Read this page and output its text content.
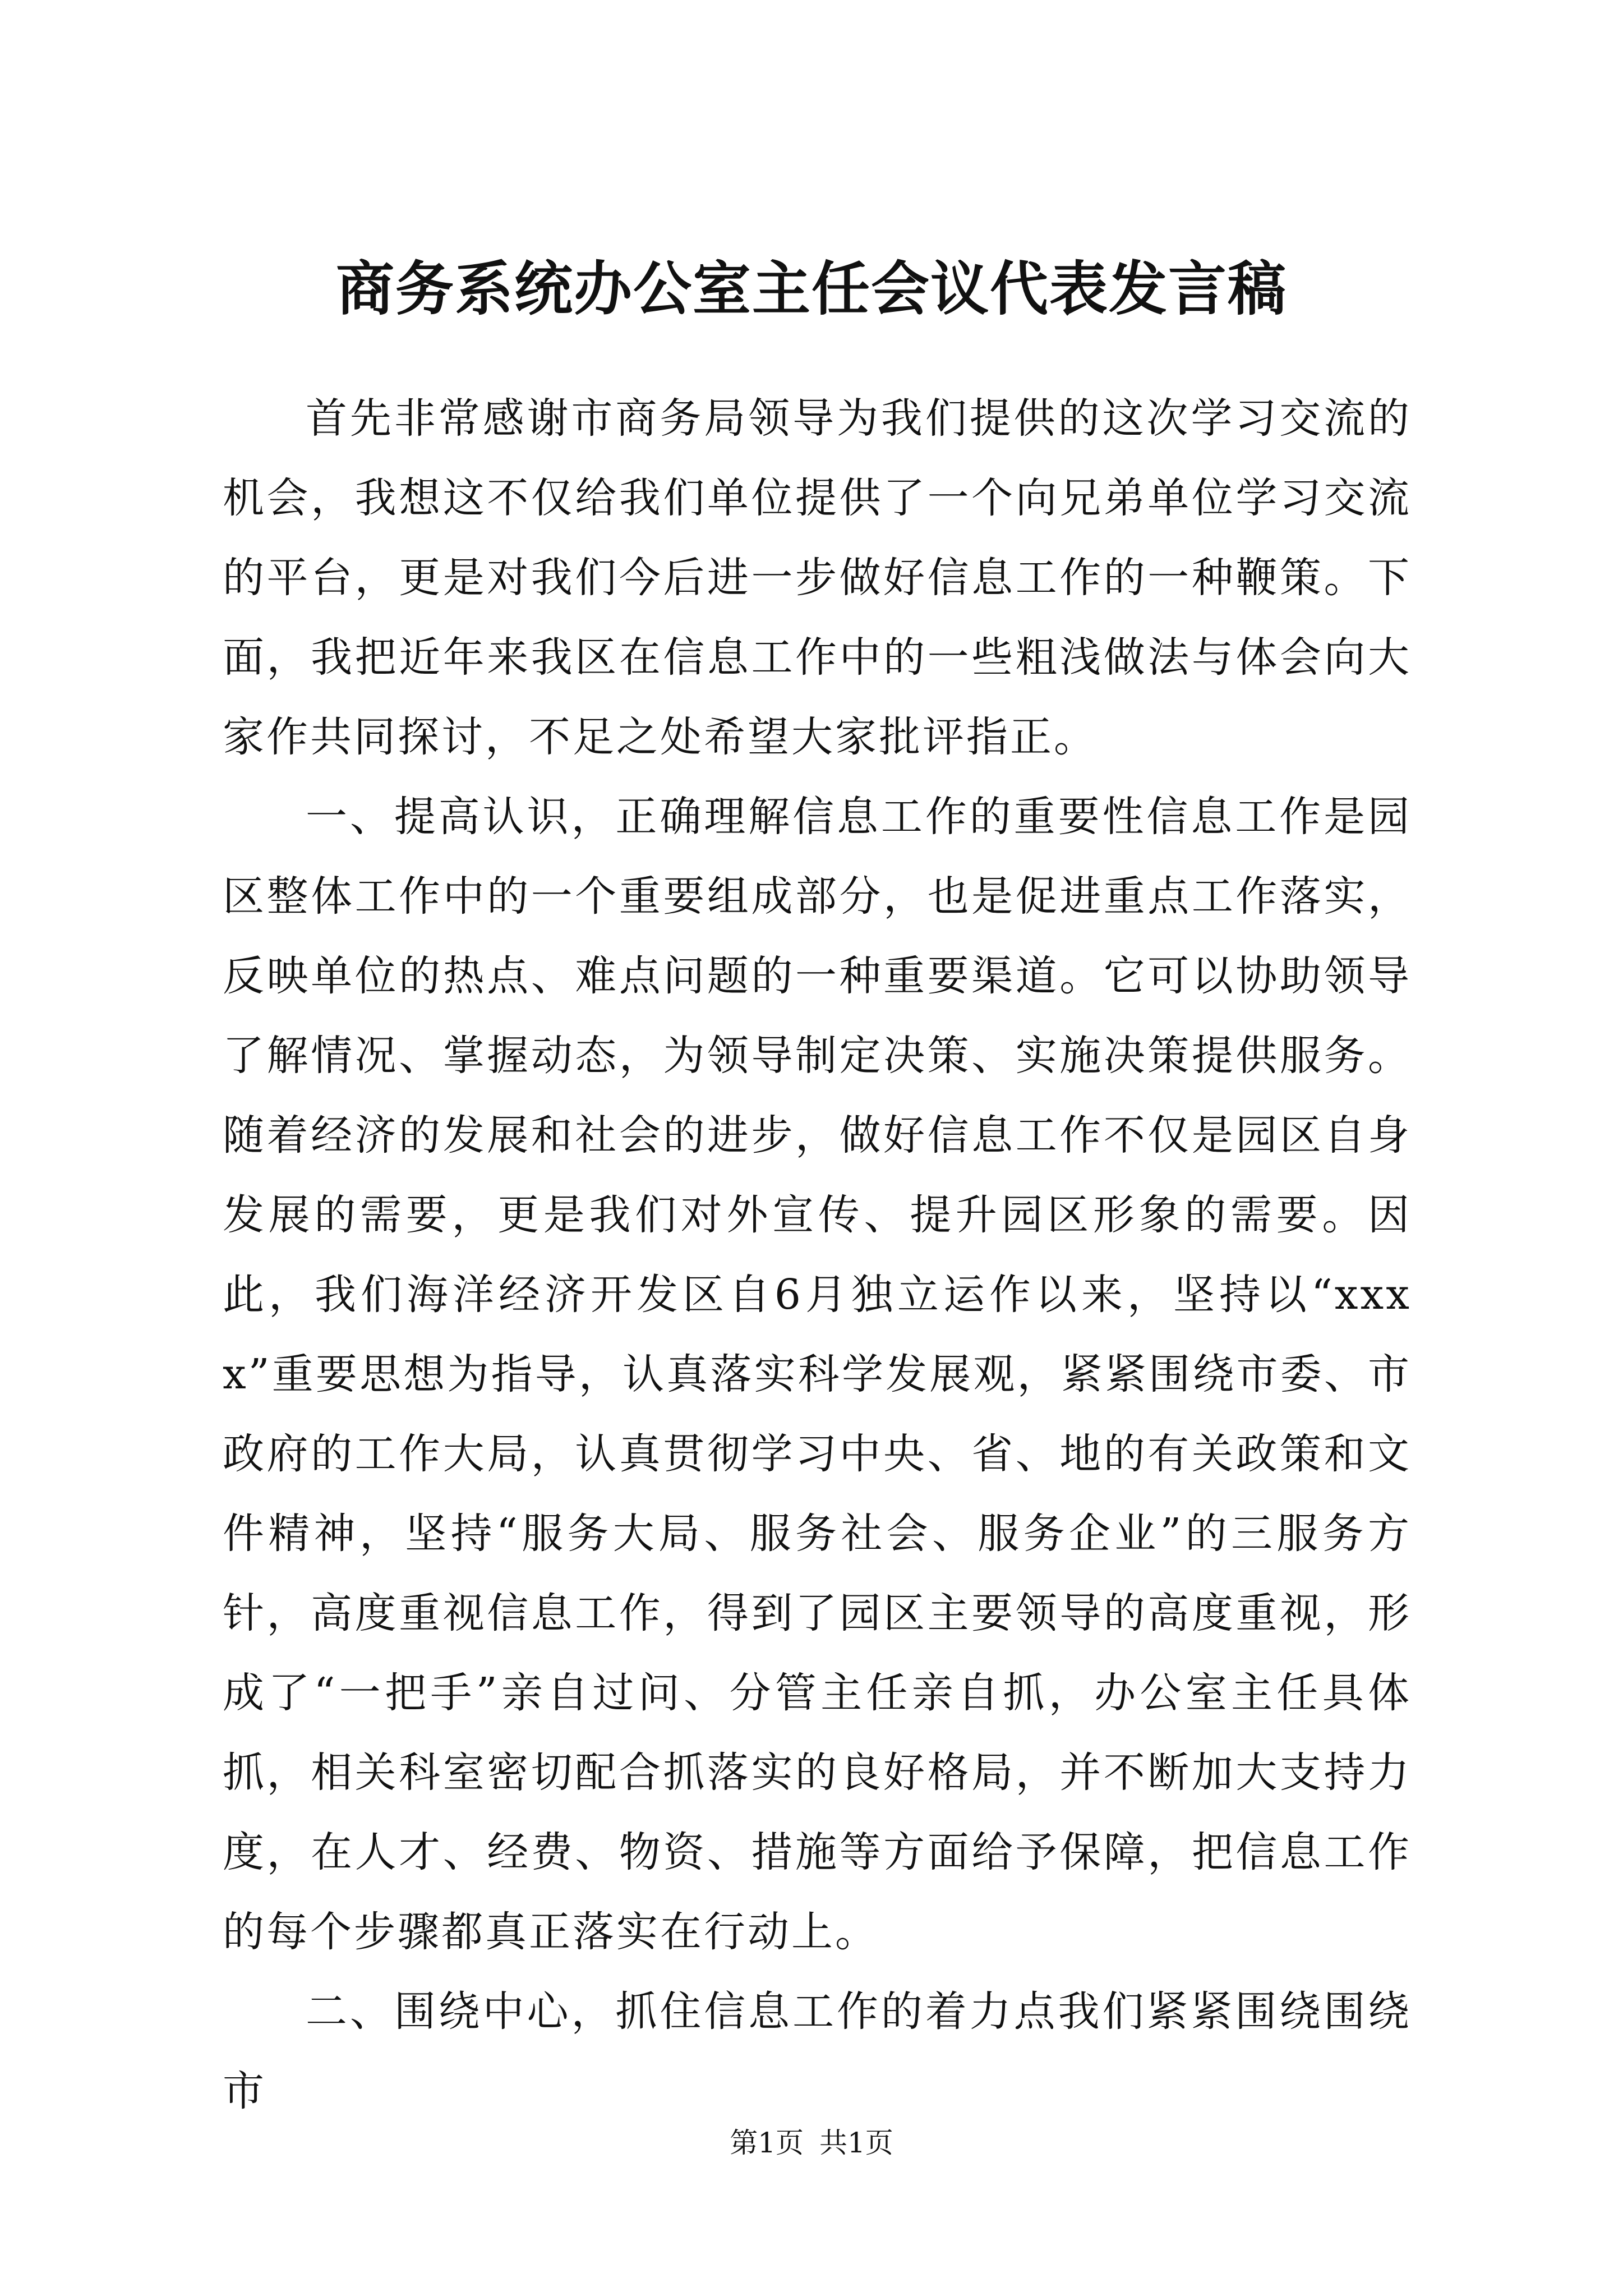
商务系统办公室主任会议代表发言稿

首先非常感谢市商务局领导为我们提供的这次学习交流的机会，我想这不仅给我们单位提供了一个向兄弟单位学习交流的平台，更是对我们今后进一步做好信息工作的一种鞭策。下面，我把近年来我区在信息工作中的一些粗浅做法与体会向大家作共同探讨，不足之处希望大家批评指正。

一、提高认识，正确理解信息工作的重要性信息工作是园区整体工作中的一个重要组成部分，也是促进重点工作落实，反映单位的热点、难点问题的一种重要渠道。它可以协助领导了解情况、掌握动态，为领导制定决策、实施决策提供服务。随着经济的发展和社会的进步，做好信息工作不仅是园区自身发展的需要，更是我们对外宣传、提升园区形象的需要。因此，我们海洋经济开发区自6月独立运作以来，坚持以“xxxx”重要思想为指导，认真落实科学发展观，紧紧围绕市委、市政府的工作大局，认真贯彻学习中央、省、地的有关政策和文件精神，坚持“服务大局、服务社会、服务企业”的三服务方针，高度重视信息工作，得到了园区主要领导的高度重视，形成了“一把手”亲自过问、分管主任亲自抓，办公室主任具体抓，相关科室密切配合抓落实的良好格局，并不断加大支持力度，在人才、经费、物资、措施等方面给予保障，把信息工作的每个步骤都真正落实在行动上。

二、围绕中心，抓住信息工作的着力点我们紧紧围绕围绕市

第1页 共1页
